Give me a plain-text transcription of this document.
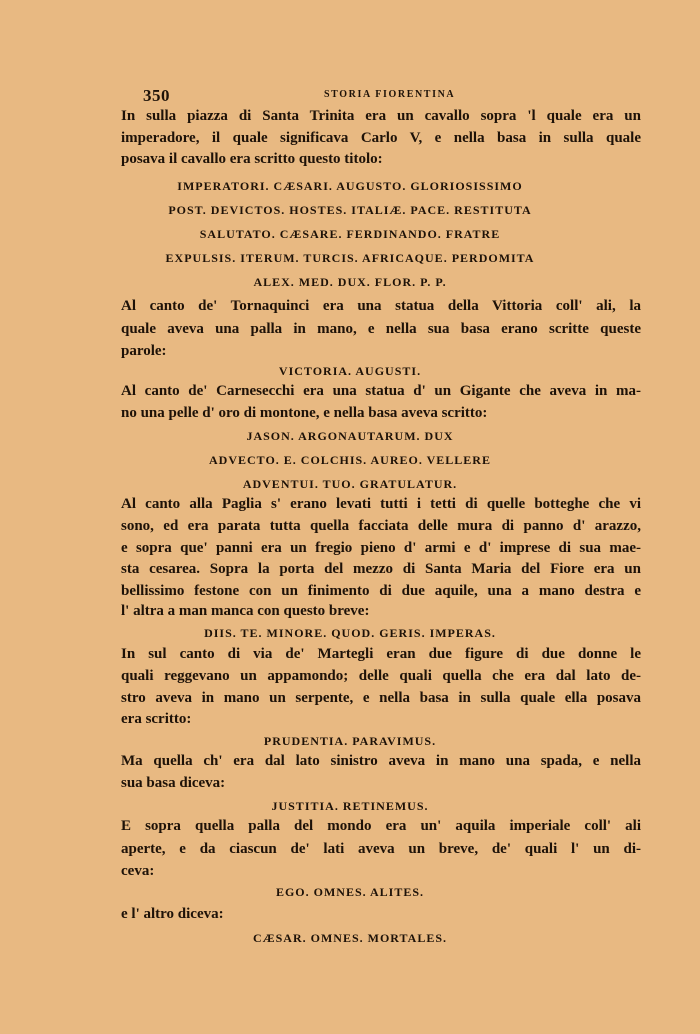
350	STORIA FIORENTINA
In sulla piazza di Santa Trinita era un cavallo sopra 'l quale era un
imperadore, il quale significava Carlo V, e nella basa in sulla quale
posava il cavallo era scritto questo titolo:
IMPERATORI. CÆSARI. AUGUSTO. GLORIOSISSIMO
POST. DEVICTOS. HOSTES. ITALIÆ. PACE. RESTITUTA
SALUTATO. CÆSARE. FERDINANDO. FRATRE
EXPULSIS. ITERUM. TURCIS. AFRICAQUE. PERDOMITA
ALEX. MED. DUX. FLOR. P. P.
Al canto de' Tornaquinci era una statua della Vittoria coll' ali, la
quale aveva una palla in mano, e nella sua basa erano scritte queste
parole:
VICTORIA. AUGUSTI.
Al canto de' Carnesecchi era una statua d' un Gigante che aveva in ma-
no una pelle d' oro di montone, e nella basa aveva scritto:
JASON. ARGONAUTARUM. DUX
ADVECTO. E. COLCHIS. AUREO. VELLERE
ADVENTUI. TUO. GRATULATUR.
Al canto alla Paglia s' erano levati tutti i tetti di quelle botteghe che vi
sono, ed era parata tutta quella facciata delle mura di panno d' arazzo,
e sopra que' panni era un fregio pieno d' armi e d' imprese di sua mae-
sta cesarea. Sopra la porta del mezzo di Santa Maria del Fiore era un
bellissimo festone con un finimento di due aquile, una a mano destra e
l' altra a man manca con questo breve:
DIIS. TE. MINORE. QUOD. GERIS. IMPERAS.
In sul canto di via de' Martegli eran due figure di due donne le
quali reggevano un appamondo; delle quali quella che era dal lato de-
stro aveva in mano un serpente, e nella basa in sulla quale ella posava
era scritto:
PRUDENTIA. PARAVIMUS.
Ma quella ch' era dal lato sinistro aveva in mano una spada, e nella
sua basa diceva:
JUSTITIA. RETINEMUS.
E sopra quella palla del mondo era un' aquila imperiale coll' ali
aperte, e da ciascun de' lati aveva un breve, de' quali l' un di-
ceva:
EGO. OMNES. ALITES.
e l' altro diceva:
CÆSAR. OMNES. MORTALES.
